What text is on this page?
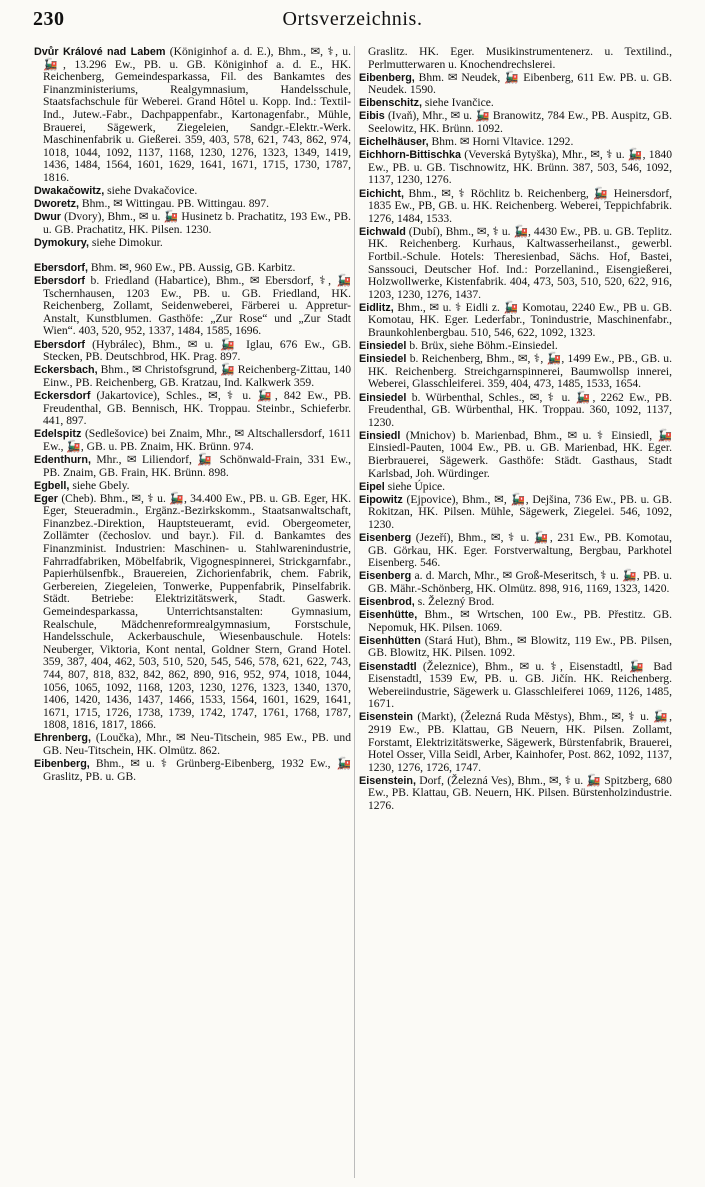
230	Ortsverzeichnis.
Dvůr Králové nad Labem (Königinhof a. d. E.), Bhm., ✉, ⚕, u. 🚂, 13.296 Ew., PB. u. GB. Königinhof a. d. E., HK. Reichenberg, Gemeindesparkassa, Fil. des Bankamtes des Finanzministeriums, Realgymnasium, Handelsschule, Staatsfachschule für Weberei. Grand Hôtel u. Kopp. Ind.: Textil-Ind., Jutew.-Fabr., Dachpappenfabr., Kartonagenfabr., Mühle, Brauerei, Sägewerk, Ziegeleien, Sandgr.-Elektr.-Werk. Maschinenfabrik u. Gießerei. 359, 403, 578, 621, 743, 862, 974, 1018, 1044, 1092, 1137, 1168, 1230, 1276, 1323, 1349, 1419, 1436, 1484, 1564, 1601, 1629, 1641, 1671, 1715, 1730, 1787, 1816.
Dwakačowitz, siehe Dvakačovice.
Dworetz, Bhm., ✉ Wittingau. PB. Wittingau. 897.
Dwur (Dvory), Bhm., ✉ u. 🚂 Husinetz b. Prachatitz, 193 Ew., PB. u. GB. Prachatitz, HK. Pilsen. 1230.
Dymokury, siehe Dimokur.
Ebersdorf, Bhm. ✉, 960 Ew., PB. Aussig, GB. Karbitz.
Ebersdorf b. Friedland (Habartice), Bhm., ✉ Ebersdorf, ⚕, 🚂 Tschernhausen, 1203 Ew., PB. u. GB. Friedland, HK. Reichenberg, Zollamt, Seidenweberei, Färberei u. Appretur-Anstalt, Kunstblumen. Gasthöfe: „Zur Rose“ und „Zur Stadt Wien“. 403, 520, 952, 1337, 1484, 1585, 1696.
Ebersdorf (Hybrálec), Bhm., ✉ u. 🚂 Iglau, 676 Ew., GB. Stecken, PB. Deutschbrod, HK. Prag. 897.
Eckersbach, Bhm., ✉ Christofsgrund, 🚂 Reichenberg-Zittau, 140 Einw., PB. Reichenberg, GB. Kratzau, Ind. Kalkwerk 359.
Eckersdorf (Jakartovice), Schles., ✉, ⚕ u. 🚂, 842 Ew., PB. Freudenthal, GB. Bennisch, HK. Troppau. Steinbr., Schieferbr. 441, 897.
Edelspitz (Sedlešovice) bei Znaim, Mhr., ✉ Altschallersdorf, 1611 Ew., 🚂, GB. u. PB. Znaim, HK. Brünn. 974.
Edenthurn, Mhr., ✉ Liliendorf, 🚂 Schönwald-Frain, 331 Ew., PB. Znaim, GB. Frain, HK. Brünn. 898.
Egbell, siehe Gbely.
Eger (Cheb). Bhm., ✉, ⚕ u. 🚂, 34.400 Ew., PB. u. GB. Eger, HK. Eger, Steueradmin., Ergänz.-Bezirkskomm., Staatsanwaltschaft, Finanzbez.-Direktion, Hauptsteueramt, evid. Obergeometer, Zollämter (čechoslov. und bayr.). Fil. d. Bankamtes des Finanzminist. Industrien: Maschinen- u. Stahlwarenindustrie, Fahrradfabriken, Möbelfabrik, Vigognespinnerei, Strickgarnfabr., Papierhülsenfbk., Brauereien, Zichorienfabrik, chem. Fabrik, Gerbereien, Ziegeleien, Tonwerke, Puppenfabrik, Pinselfabrik. Städt. Betriebe: Elektrizitätswerk, Stadt. Gaswerk. Gemeindesparkassa, Unterrichtsanstalten: Gymnasium, Realschule, Mädchenreformrealgymnasium, Forstschule, Handelsschule, Ackerbauschule, Wiesenbauschule. Hotels: Neuberger, Viktoria, Kont nental, Goldner Stern, Grand Hotel. 359, 387, 404, 462, 503, 510, 520, 545, 546, 578, 621, 622, 743, 744, 807, 818, 832, 842, 862, 890, 916, 952, 974, 1018, 1044, 1056, 1065, 1092, 1168, 1203, 1230, 1276, 1323, 1340, 1370, 1406, 1420, 1436, 1437, 1466, 1533, 1564, 1601, 1629, 1641, 1671, 1715, 1726, 1738, 1739, 1742, 1747, 1761, 1768, 1787, 1808, 1816, 1817, 1866.
Ehrenberg, (Loučka), Mhr., ✉ Neu-Titschein, 985 Ew., PB. und GB. Neu-Titschein, HK. Olmütz. 862.
Eibenberg, Bhm., ✉ u. ⚕ Grünberg-Eibenberg, 1932 Ew., 🚂 Graslitz, PB. u. GB.
Graslitz. HK. Eger. Musikinstrumentenerz. u. Textilind., Perlmutterwaren u. Knochendrechslerei.
Eibenberg, Bhm. ✉ Neudek, 🚂 Eibenberg, 611 Ew. PB. u. GB. Neudek. 1590.
Eibenschitz, siehe Ivančice.
Eibis (Ivaň), Mhr., ✉ u. 🚂 Branowitz, 784 Ew., PB. Auspitz, GB. Seelowitz, HK. Brünn. 1092.
Eichelhäuser, Bhm. ✉ Horni Vltavice. 1292.
Eichhorn-Bittischka (Veverská Bytyška), Mhr., ✉, ⚕ u. 🚂, 1840 Ew., PB. u. GB. Tischnowitz, HK. Brünn. 387, 503, 546, 1092, 1137, 1230, 1276.
Eichicht, Bhm., ✉, ⚕ Röchlitz b. Reichenberg, 🚂 Heinersdorf, 1835 Ew., PB, GB. u. HK. Reichenberg. Weberei, Teppichfabrik. 1276, 1484, 1533.
Eichwald (Dubí), Bhm., ✉, ⚕ u. 🚂, 4430 Ew., PB. u. GB. Teplitz. HK. Reichenberg. Kurhaus, Kaltwasserheilanst., gewerbl. Fortbil.-Schule. Hotels: Theresienbad, Sächs. Hof, Bastei, Sanssouci, Deutscher Hof. Ind.: Porzellanind., Eisengießerei, Holzwollwerke, Kistenfabrik. 404, 473, 503, 510, 520, 622, 916, 1203, 1230, 1276, 1437.
Eidlitz, Bhm., ✉ u. ⚕ Eidli z. 🚂 Komotau, 2240 Ew., PB u. GB. Komotau, HK. Eger. Lederfabr., Tonindustrie, Maschinenfabr., Braunkohlenbergbau. 510, 546, 622, 1092, 1323.
Einsiedel b. Brüx, siehe Böhm.-Einsiedel.
Einsiedel b. Reichenberg, Bhm., ✉, ⚕, 🚂, 1499 Ew., PB., GB. u. HK. Reichenberg. Streichgarnspinnerei, Baumwollsp innerei, Weberei, Glasschleiferei. 359, 404, 473, 1485, 1533, 1654.
Einsiedel b. Würbenthal, Schles., ✉, ⚕ u. 🚂, 2262 Ew., PB. Freudenthal, GB. Würbenthal, HK. Troppau. 360, 1092, 1137, 1230.
Einsiedl (Mnichov) b. Marienbad, Bhm., ✉ u. ⚕ Einsiedl, 🚂 Einsiedl-Pauten, 1004 Ew., PB. u. GB. Marienbad, HK. Eger. Bierbrauerei, Sägewerk. Gasthöfe: Städt. Gasthaus, Stadt Karlsbad, Joh. Würdinger.
Eipel siehe Úpice.
Eipowitz (Ejpovice), Bhm., ✉, 🚂, Dejšina, 736 Ew., PB. u. GB. Rokitzan, HK. Pilsen. Mühle, Sägewerk, Ziegelei. 546, 1092, 1230.
Eisenberg (Jezeří), Bhm., ✉, ⚕ u. 🚂, 231 Ew., PB. Komotau, GB. Görkau, HK. Eger. Forstverwaltung, Bergbau, Parkhotel Eisenberg. 546.
Eisenberg a. d. March, Mhr., ✉ Groß-Meseritsch, ⚕ u. 🚂, PB. u. GB. Mähr.-Schönberg, HK. Olmütz. 898, 916, 1169, 1323, 1420.
Eisenbrod, s. Železný Brod.
Eisenhütte, Bhm., ✉ Wrtschen, 100 Ew., PB. Přestitz. GB. Nepomuk, HK. Pilsen. 1069.
Eisenhütten (Stará Hut), Bhm., ✉ Blowitz, 119 Ew., PB. Pilsen, GB. Blowitz, HK. Pilsen. 1092.
Eisenstadtl (Železnice), Bhm., ✉ u. ⚕, Eisenstadtl, 🚂 Bad Eisenstadtl, 1539 Ew, PB. u. GB. Jičín. HK. Reichenberg. Webereiindustrie, Sägewerk u. Glasschleiferei 1069, 1126, 1485, 1671.
Eisenstein (Markt), (Železná Ruda Městys), Bhm., ✉, ⚕ u. 🚂, 2919 Ew., PB. Klattau, GB Neuern, HK. Pilsen. Zollamt, Forstamt, Elektrizitätswerke, Sägewerk, Bürstenfabrik, Brauerei, Hotel Osser, Villa Seidl, Arber, Kainhofer, Post. 862, 1092, 1137, 1230, 1276, 1726, 1747.
Eisenstein, Dorf, (Železná Ves), Bhm., ✉, ⚕ u. 🚂 Spitzberg, 680 Ew., PB. Klattau, GB. Neuern, HK. Pilsen. Bürstenholzindustrie. 1276.
